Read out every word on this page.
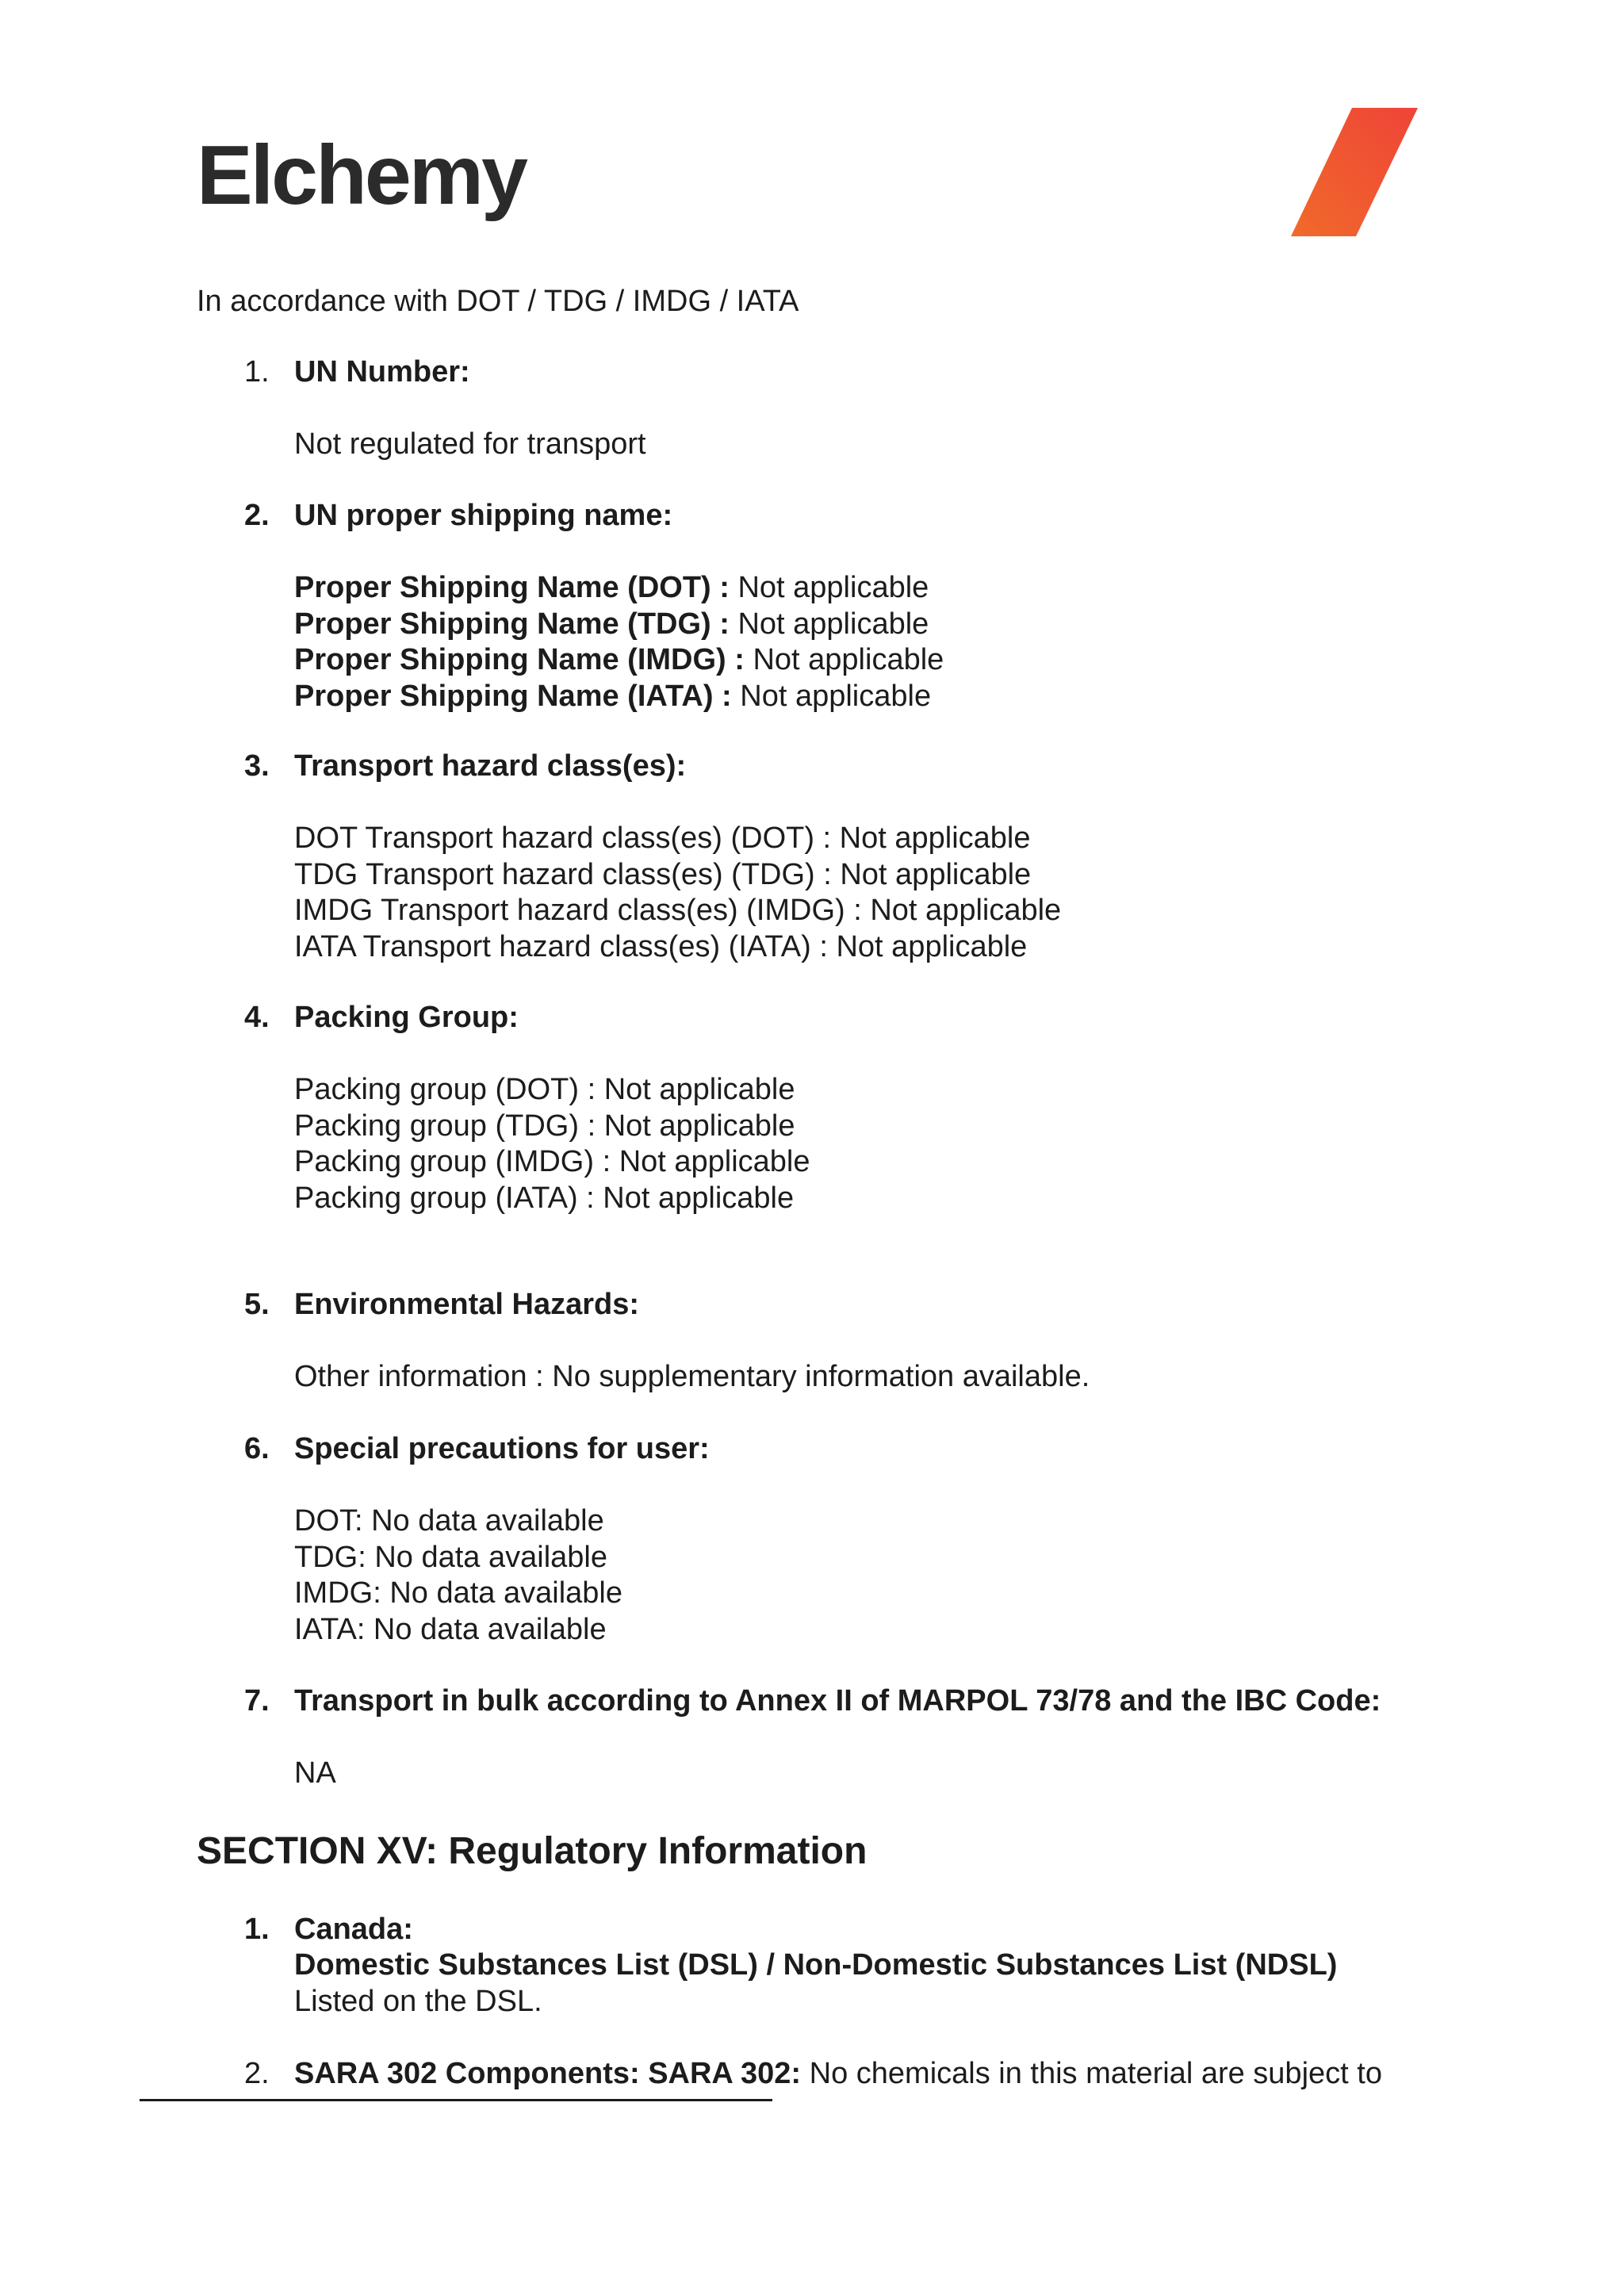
Elchemy
In accordance with DOT / TDG / IMDG / IATA
1. UN Number:
Not regulated for transport
2. UN proper shipping name:
Proper Shipping Name (DOT) : Not applicable
Proper Shipping Name (TDG) : Not applicable
Proper Shipping Name (IMDG) : Not applicable
Proper Shipping Name (IATA) : Not applicable
3. Transport hazard class(es):
DOT Transport hazard class(es) (DOT) : Not applicable
TDG Transport hazard class(es) (TDG) : Not applicable
IMDG Transport hazard class(es) (IMDG) : Not applicable
IATA Transport hazard class(es) (IATA) : Not applicable
4. Packing Group:
Packing group (DOT) : Not applicable
Packing group (TDG) : Not applicable
Packing group (IMDG) : Not applicable
Packing group (IATA) : Not applicable
5. Environmental Hazards:
Other information : No supplementary information available.
6. Special precautions for user:
DOT: No data available
TDG: No data available
IMDG: No data available
IATA: No data available
7. Transport in bulk according to Annex II of MARPOL 73/78 and the IBC Code:
NA
SECTION XV: Regulatory Information
1. Canada:
Domestic Substances List (DSL) / Non-Domestic Substances List (NDSL)
Listed on the DSL.
2. SARA 302 Components: SARA 302: No chemicals in this material are subject to
